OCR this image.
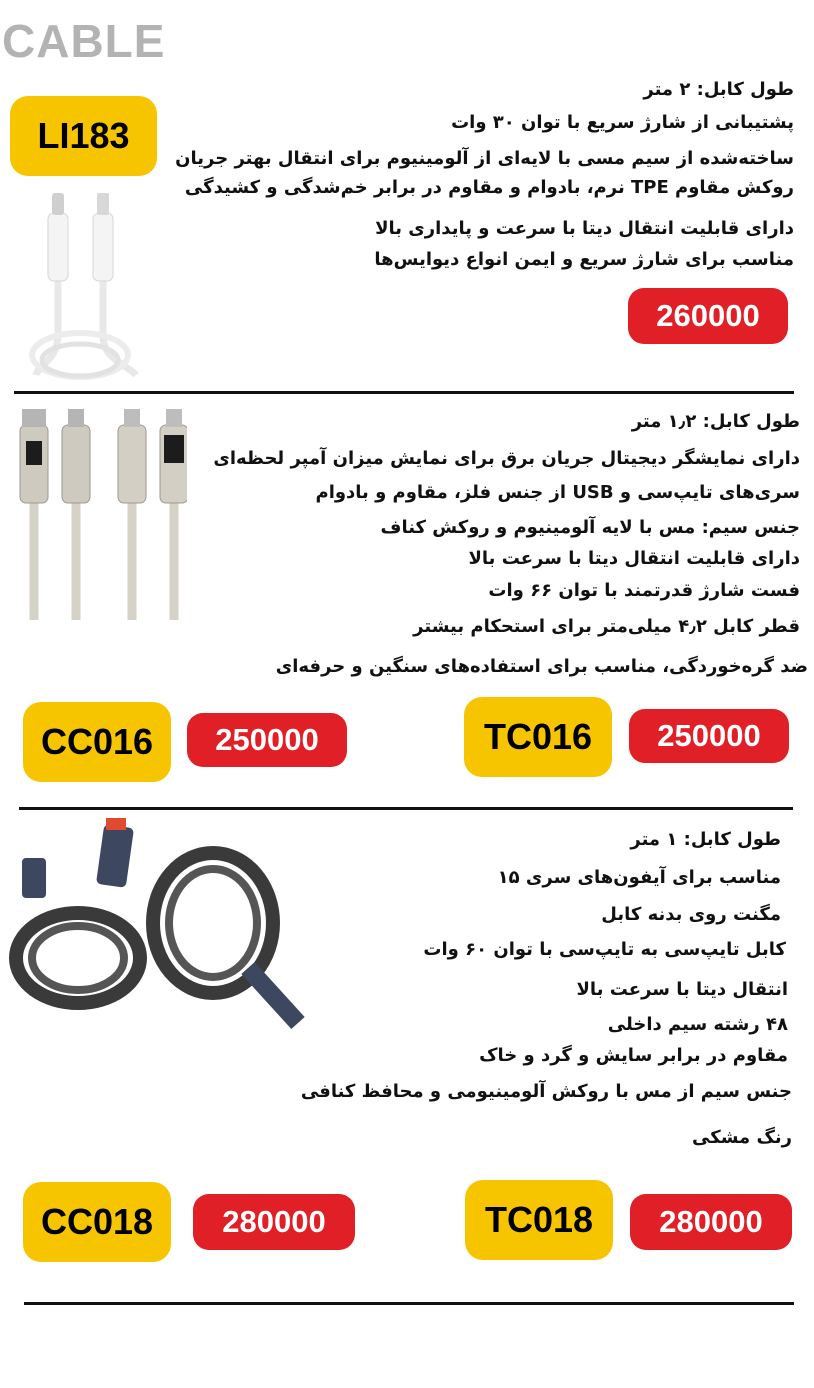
CABLE
LI183
طول کابل: ۲ متر
پشتیبانی از شارژ سریع با توان ۳۰ وات
ساخته‌شده از سیم مسی با لایه‌ای از آلومینیوم برای انتقال بهتر جریان
روکش مقاوم TPE نرم، بادوام و مقاوم در برابر خم‌شدگی و کشیدگی
دارای قابلیت انتقال دیتا با سرعت و پایداری بالا
مناسب برای شارژ سریع و ایمن انواع دیوایس‌ها
260000
طول کابل: ۱٫۲ متر
دارای نمایشگر دیجیتال جریان برق برای نمایش میزان آمپر لحظه‌ای
سری‌های تایپ‌سی و USB از جنس فلز، مقاوم و بادوام
جنس سیم: مس با لایه آلومینیوم و روکش کناف
دارای قابلیت انتقال دیتا با سرعت بالا
فست شارژ قدرتمند با توان ۶۶ وات
قطر کابل ۴٫۲ میلی‌متر برای استحکام بیشتر
ضد گره‌خوردگی، مناسب برای استفاده‌های سنگین و حرفه‌ای
CC016	250000	TC016	250000
طول کابل: ۱ متر
مناسب برای آیفون‌های سری ۱۵
مگنت روی بدنه کابل
کابل تایپ‌سی به تایپ‌سی با توان ۶۰ وات
انتقال دیتا با سرعت بالا
۴۸ رشته سیم داخلی
مقاوم در برابر سایش و گرد و خاک
جنس سیم از مس با روکش آلومینیومی و محافظ کنافی
رنگ مشکی
CC018	280000	TC018	280000
